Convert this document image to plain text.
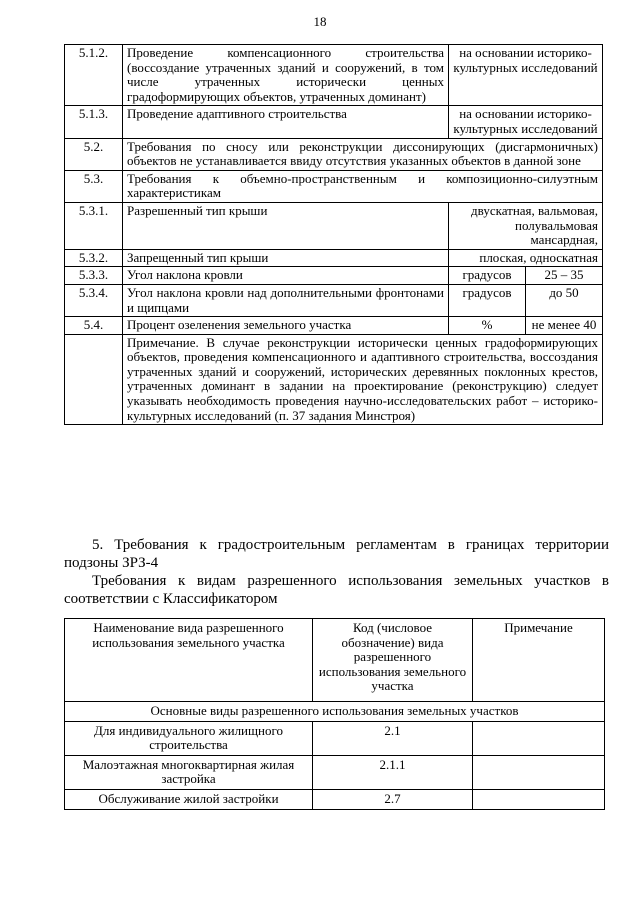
18
5.1.2.	Проведение компенсационного строительства (воссоздание утраченных зданий и сооружений, в том числе утраченных исторически ценных градоформирующих объектов, утраченных доминант)	на основании историко-культурных исследований	
5.1.3.	Проведение адаптивного строительства	на основании историко-культурных исследований	
5.2.	Требования по сносу или реконструкции диссонирующих (дисгармоничных) объектов не устанавливается ввиду отсутствия указанных объектов в данной зоне		
5.3.	Требования к объемно-пространственным и композиционно-силуэтным характеристикам		
5.3.1.	Разрешенный тип крыши	двускатная, вальмовая, полувальмовая мансардная,	
5.3.2.	Запрещенный тип крыши	плоская, односкатная	
5.3.3.	Угол наклона кровли	градусов	25 – 35
5.3.4.	Угол наклона кровли над дополнительными фронтонами и щипцами	градусов	до 50
5.4.	Процент озеленения земельного участка	%	не менее 40
	Примечание. В случае реконструкции исторически ценных градоформирующих объектов, проведения компенсационного и адаптивного строительства, воссоздания утраченных зданий и сооружений, исторических деревянных поклонных крестов, утраченных доминант в задании на проектирование (реконструкцию) следует указывать необходимость проведения научно-исследовательских работ – историко-культурных исследований (п. 37 задания Минстроя)		
5. Требования к градостроительным регламентам в границах территории подзоны ЗРЗ-4
Требования к видам разрешенного использования земельных участков в соответствии с Классификатором
Наименование вида разрешенного использования земельного участка	Код (числовое обозначение) вида разрешенного использования земельного участка	Примечание
Основные виды разрешенного использования земельных участков		
Для индивидуального жилищного строительства	2.1	
Малоэтажная многоквартирная жилая застройка	2.1.1	
Обслуживание жилой застройки	2.7	
